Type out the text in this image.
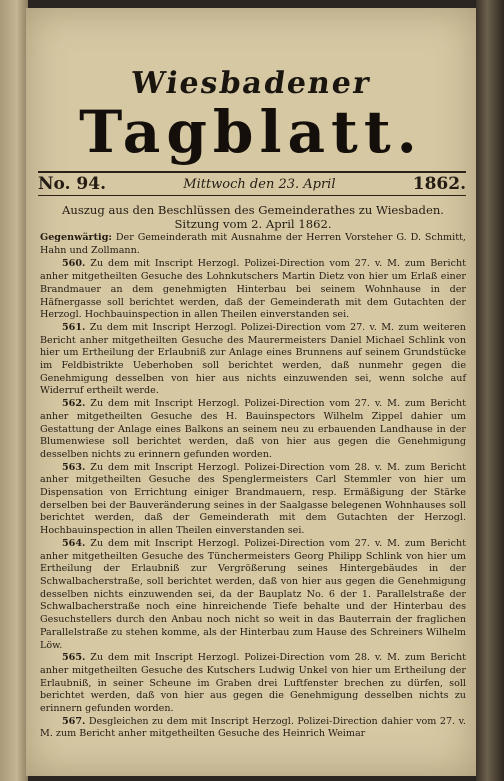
Wiesbadener
Tagblatt.
No. 94.	Mittwoch den 23. April	1862.
Auszug aus den Beschlüssen des Gemeinderathes zu Wiesbaden. Sitzung vom 2. April 1862.
Gegenwärtig: Der Gemeinderath mit Ausnahme der Herren Vorsteher G. D. Schmitt, Hahn und Zollmann.

560. Zu dem mit Inscript Herzogl. Polizei-Direction vom 27. v. M. zum Bericht anher mitgetheilten Gesuche des Lohnkutschers Martin Dietz von hier um Erlaß einer Brandmauer an dem genehmigten Hinterbau bei seinem Wohnhause in der Häfnergasse soll berichtet werden, daß der Gemeinderath mit dem Gutachten der Herzogl. Hochbauinspection in allen Theilen einverstanden sei.

561. Zu dem mit Inscript Herzogl. Polizei-Direction vom 27. v. M. zum weiteren Bericht anher mitgetheilten Gesuche des Maurermeisters Daniel Michael Schlink von hier um Ertheilung der Erlaubniß zur Anlage eines Brunnens auf seinem Grundstücke im Feldbistrikte Ueberhoben soll berichtet werden, daß nunmehr gegen die Genehmigung desselben von hier aus nichts einzuwenden sei, wenn solche auf Widerruf ertheilt werde.

562. Zu dem mit Inscript Herzogl. Polizei-Direction vom 27. v. M. zum Bericht anher mitgetheilten Gesuche des H. Bauinspectors Wilhelm Zippel dahier um Gestattung der Anlage eines Balkons an seinem neu zu erbauenden Landhause in der Blumenwiese soll berichtet werden, daß von hier aus gegen die Genehmigung desselben nichts zu erinnern gefunden worden.

563. Zu dem mit Inscript Herzogl. Polizei-Direction vom 28. v. M. zum Bericht anher mitgetheilten Gesuche des Spenglermeisters Carl Stemmler von hier um Dispensation von Errichtung einiger Brandmauern, resp. Ermäßigung der Stärke derselben bei der Bauveränderung seines in der Saalgasse belegenen Wohnhauses soll berichtet werden, daß der Gemeinderath mit dem Gutachten der Herzogl. Hochbauinspection in allen Theilen einverstanden sei.

564. Zu dem mit Inscript Herzogl. Polizei-Direction vom 27. v. M. zum Bericht anher mitgetheilten Gesuche des Tünchermeisters Georg Philipp Schlink von hier um Ertheilung der Erlaubniß zur Vergrößerung seines Hintergebäudes in der Schwalbacherstraße, soll berichtet werden, daß von hier aus gegen die Genehmigung desselben nichts einzuwenden sei, da der Bauplatz No. 6 der 1. Parallelstraße der Schwalbacherstraße noch eine hinreichende Tiefe behalte und der Hinterbau des Gesuchstellers durch den Anbau noch nicht so weit in das Bauterrain der fraglichen Parallelstraße zu stehen komme, als der Hinterbau zum Hause des Schreiners Wilhelm Löw.

565. Zu dem mit Inscript Herzogl. Polizei-Direction vom 28. v. M. zum Bericht anher mitgetheilten Gesuche des Kutschers Ludwig Unkel von hier um Ertheilung der Erlaubniß, in seiner Scheune im Graben drei Luftfenster brechen zu dürfen, soll berichtet werden, daß von hier aus gegen die Genehmigung desselben nichts zu erinnern gefunden worden.

567. Desgleichen zu dem mit Inscript Herzogl. Polizei-Direction dahier vom 27. v. M. zum Bericht anher mitgetheilten Gesuche des Heinrich Weimar
